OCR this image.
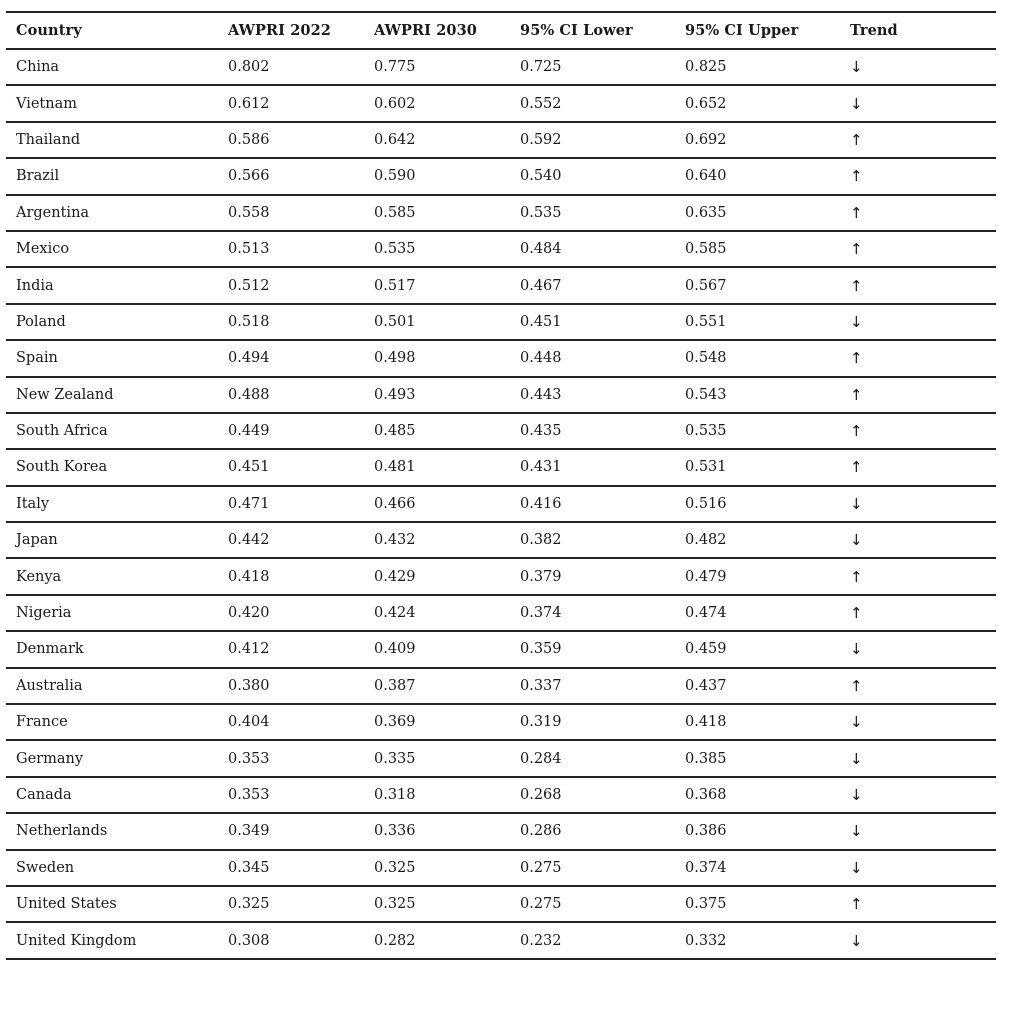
Country	AWPRI 2022	AWPRI 2030	95% CI Lower	95% CI Upper	Trend
China	0.802	0.775	0.725	0.825	↓
Vietnam	0.612	0.602	0.552	0.652	↓
Thailand	0.586	0.642	0.592	0.692	↑
Brazil	0.566	0.590	0.540	0.640	↑
Argentina	0.558	0.585	0.535	0.635	↑
Mexico	0.513	0.535	0.484	0.585	↑
India	0.512	0.517	0.467	0.567	↑
Poland	0.518	0.501	0.451	0.551	↓
Spain	0.494	0.498	0.448	0.548	↑
New Zealand	0.488	0.493	0.443	0.543	↑
South Africa	0.449	0.485	0.435	0.535	↑
South Korea	0.451	0.481	0.431	0.531	↑
Italy	0.471	0.466	0.416	0.516	↓
Japan	0.442	0.432	0.382	0.482	↓
Kenya	0.418	0.429	0.379	0.479	↑
Nigeria	0.420	0.424	0.374	0.474	↑
Denmark	0.412	0.409	0.359	0.459	↓
Australia	0.380	0.387	0.337	0.437	↑
France	0.404	0.369	0.319	0.418	↓
Germany	0.353	0.335	0.284	0.385	↓
Canada	0.353	0.318	0.268	0.368	↓
Netherlands	0.349	0.336	0.286	0.386	↓
Sweden	0.345	0.325	0.275	0.374	↓
United States	0.325	0.325	0.275	0.375	↑
United Kingdom	0.308	0.282	0.232	0.332	↓
